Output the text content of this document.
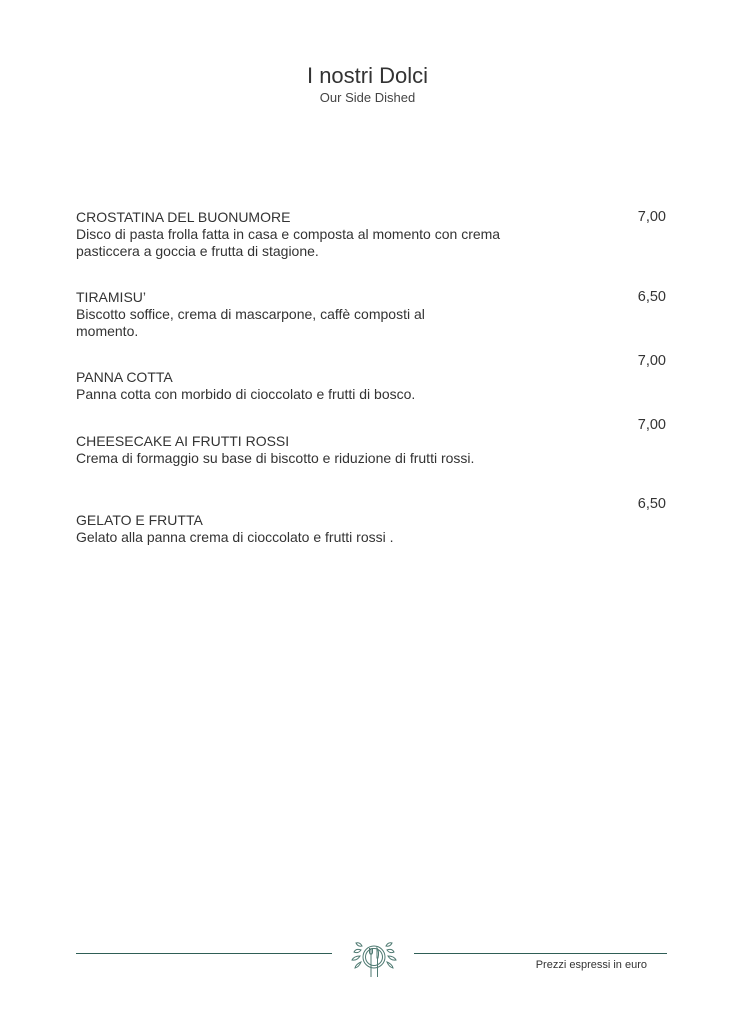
I nostri Dolci

Our Side Dished

CROSTATINA DEL BUONUMORE	7,00
Disco di pasta frolla fatta in casa e composta al momento con crema pasticcera a goccia e frutta di stagione.
TIRAMISU’	6,50
Biscotto soffice, crema di mascarpone, caffè composti al momento.
7,00
PANNA COTTA
Panna cotta con morbido di cioccolato e frutti di bosco.
7,00
CHEESECAKE AI FRUTTI ROSSI
Crema di formaggio su base di biscotto e riduzione di frutti rossi.
6,50
GELATO E FRUTTA
Gelato alla panna crema di cioccolato e frutti rossi .
Prezzi espressi in euro
